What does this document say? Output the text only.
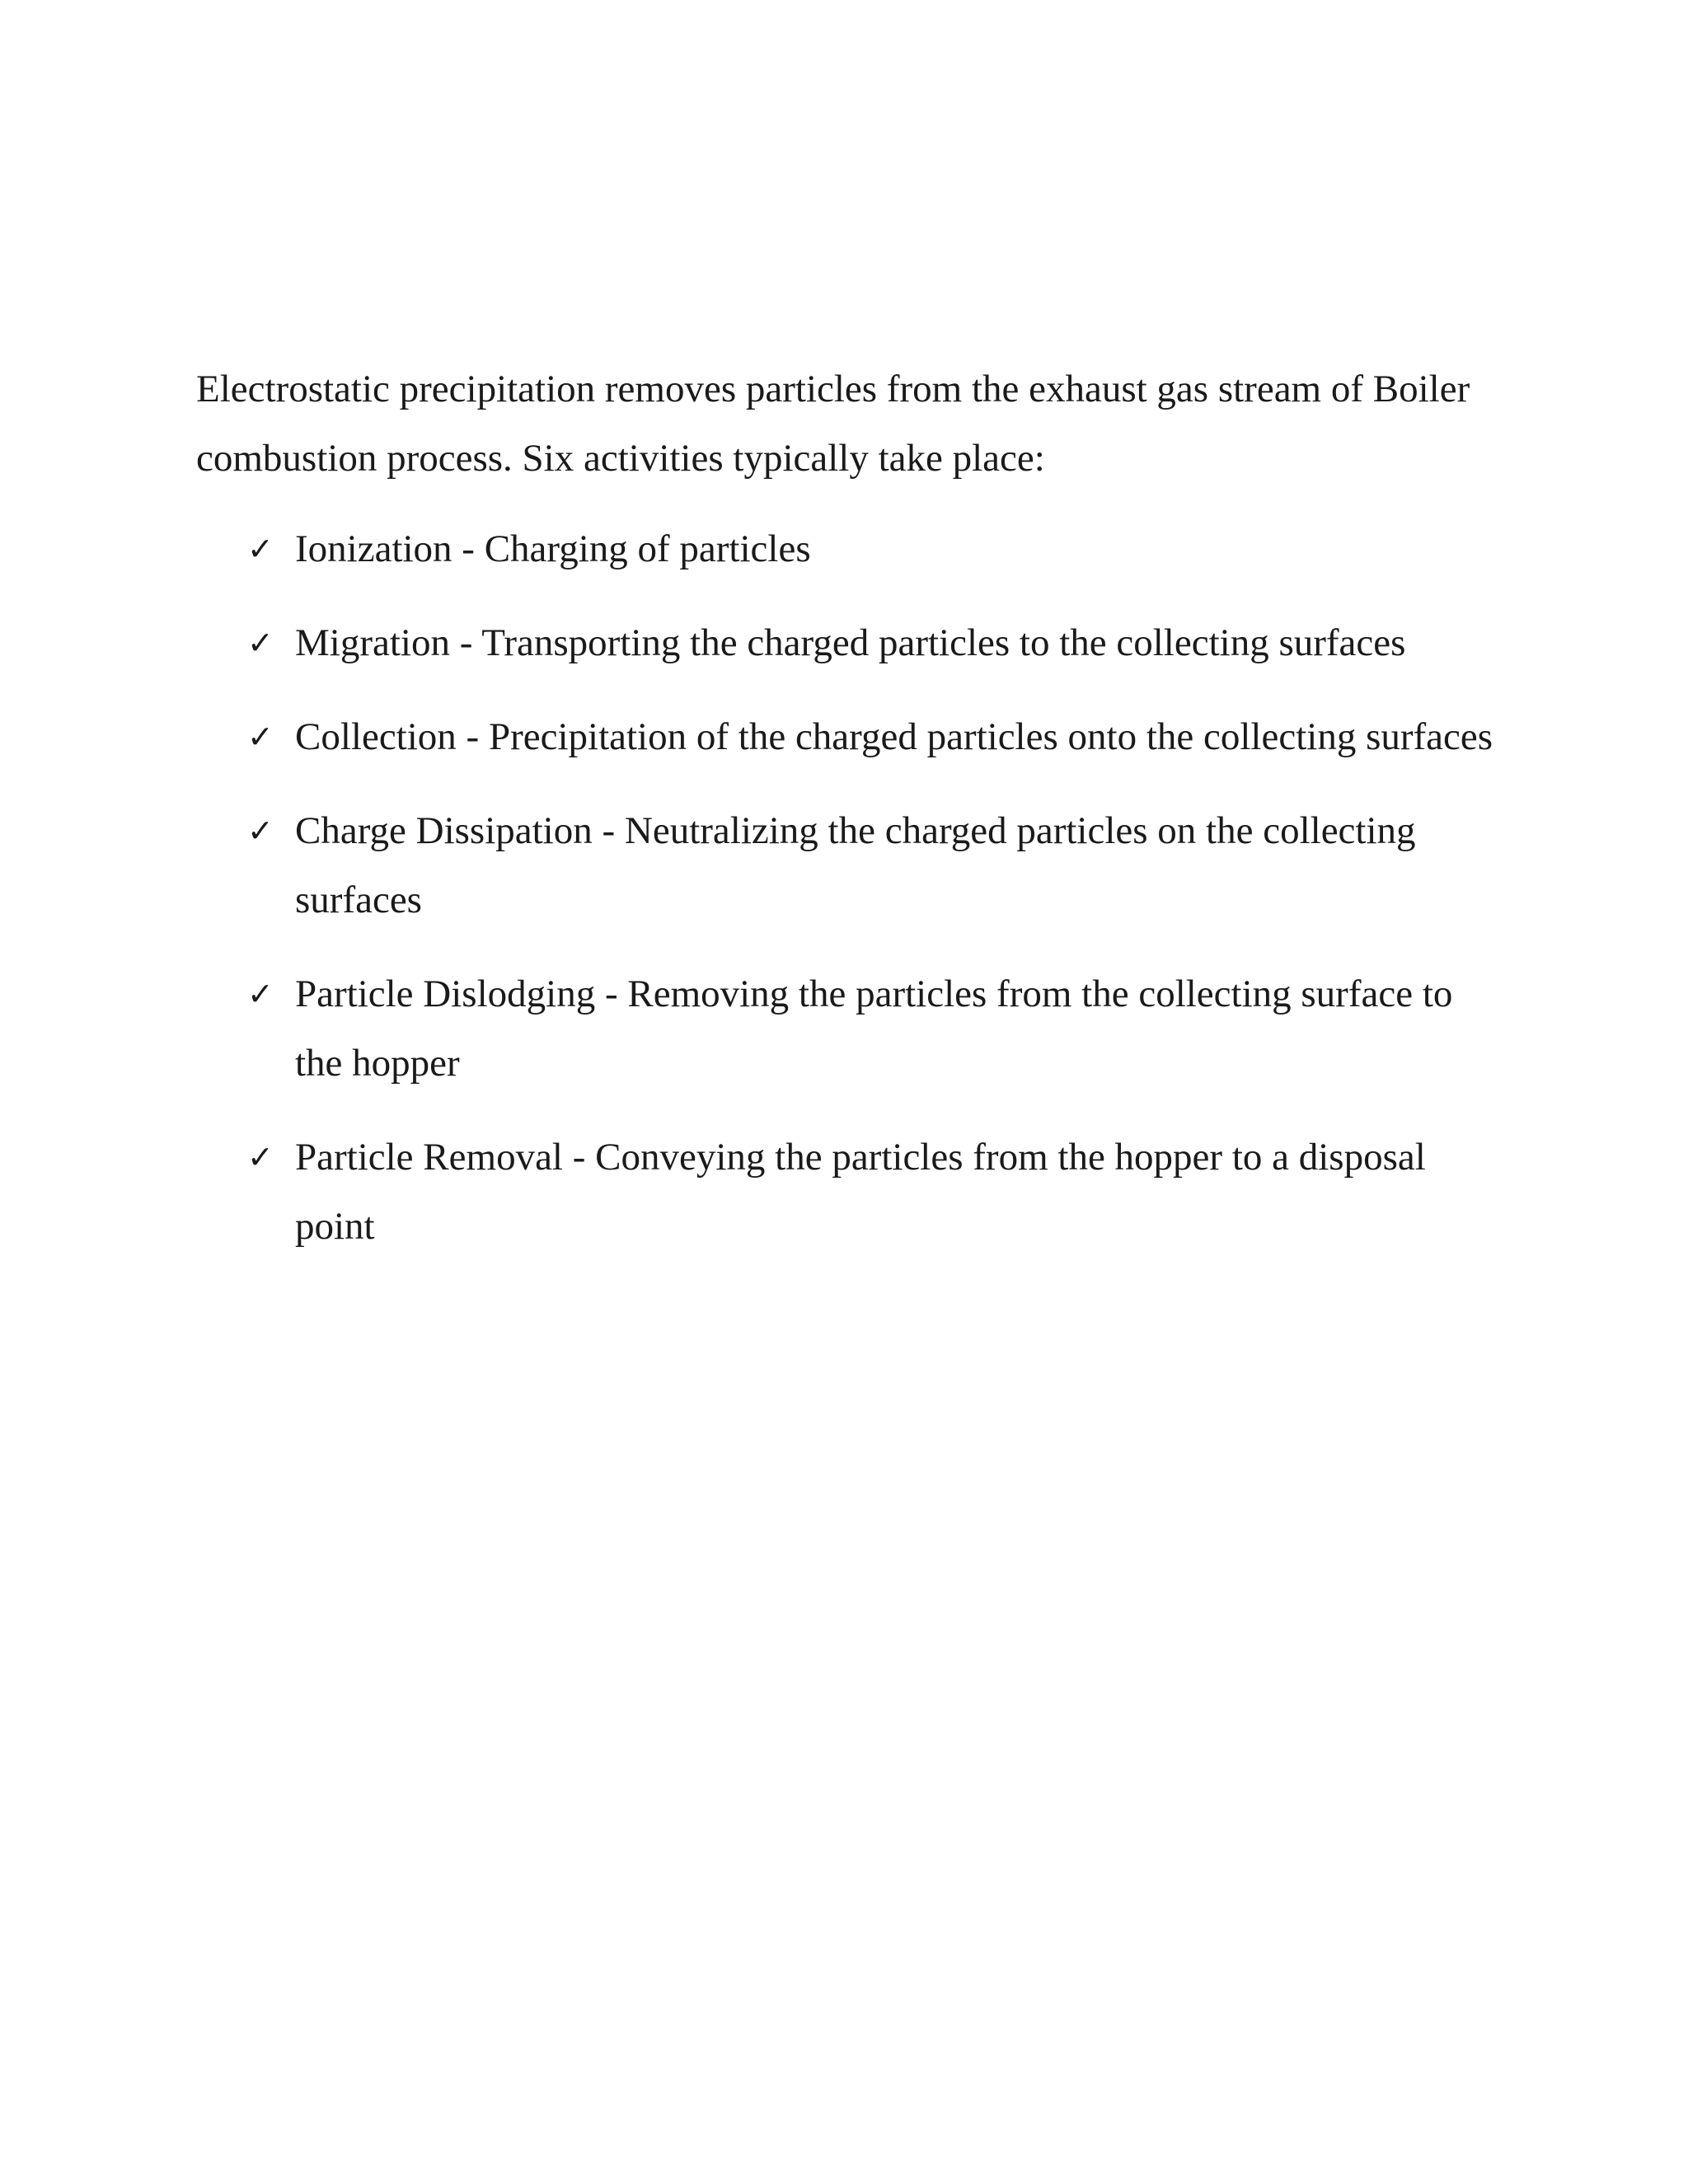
Electrostatic precipitation removes particles from the exhaust gas stream of Boiler combustion process. Six activities typically take place:

✓ Ionization - Charging of particles
✓ Migration - Transporting the charged particles to the collecting surfaces
✓ Collection - Precipitation of the charged particles onto the collecting surfaces
✓ Charge Dissipation - Neutralizing the charged particles on the collecting surfaces
✓ Particle Dislodging - Removing the particles from the collecting surface to the hopper
✓ Particle Removal - Conveying the particles from the hopper to a disposal point
